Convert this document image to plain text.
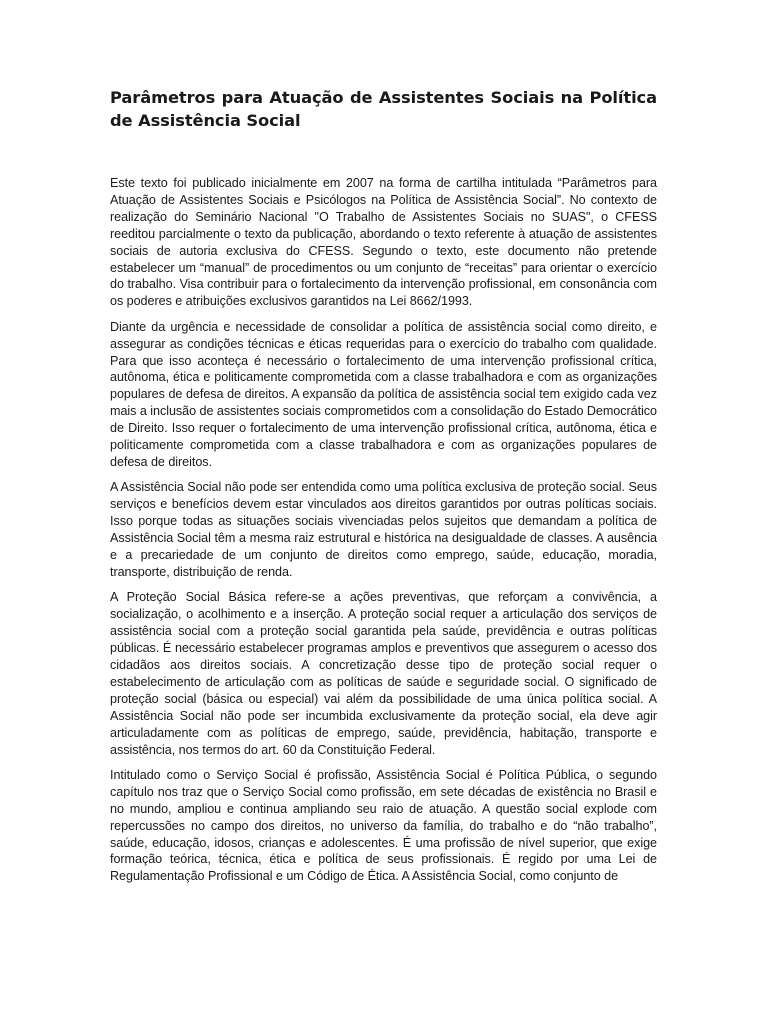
Parâmetros para Atuação de Assistentes Sociais na Política de Assistência Social

Este texto foi publicado inicialmente em 2007 na forma de cartilha intitulada “Parâmetros para Atuação de Assistentes Sociais e Psicólogos na Política de Assistência Social”. No contexto de realização do Seminário Nacional "O Trabalho de Assistentes Sociais no SUAS", o CFESS reeditou parcialmente o texto da publicação, abordando o texto referente à atuação de assistentes sociais de autoria exclusiva do CFESS. Segundo o texto, este documento não pretende estabelecer um “manual” de procedimentos ou um conjunto de “receitas” para orientar o exercício do trabalho. Visa contribuir para o fortalecimento da intervenção profissional, em consonância com os poderes e atribuições exclusivos garantidos na Lei 8662/1993.

Diante da urgência e necessidade de consolidar a política de assistência social como direito, e assegurar as condições técnicas e éticas requeridas para o exercício do trabalho com qualidade. Para que isso aconteça é necessário o fortalecimento de uma intervenção profissional crítica, autônoma, ética e politicamente comprometida com a classe trabalhadora e com as organizações populares de defesa de direitos. A expansão da política de assistência social tem exigido cada vez mais a inclusão de assistentes sociais comprometidos com a consolidação do Estado Democrático de Direito. Isso requer o fortalecimento de uma intervenção profissional crítica, autônoma, ética e politicamente comprometida com a classe trabalhadora e com as organizações populares de defesa de direitos.

A Assistência Social não pode ser entendida como uma política exclusiva de proteção social. Seus serviços e benefícios devem estar vinculados aos direitos garantidos por outras políticas sociais. Isso porque todas as situações sociais vivenciadas pelos sujeitos que demandam a política de Assistência Social têm a mesma raiz estrutural e histórica na desigualdade de classes. A ausência e a precariedade de um conjunto de direitos como emprego, saúde, educação, moradia, transporte, distribuição de renda.

A Proteção Social Básica refere-se a ações preventivas, que reforçam a convivência, a socialização, o acolhimento e a inserção. A proteção social requer a articulação dos serviços de assistência social com a proteção social garantida pela saúde, previdência e outras políticas públicas. É necessário estabelecer programas amplos e preventivos que assegurem o acesso dos cidadãos aos direitos sociais. A concretização desse tipo de proteção social requer o estabelecimento de articulação com as políticas de saúde e seguridade social. O significado de proteção social (básica ou especial) vai além da possibilidade de uma única política social. A Assistência Social não pode ser incumbida exclusivamente da proteção social, ela deve agir articuladamente com as políticas de emprego, saúde, previdência, habitação, transporte e assistência, nos termos do art. 60 da Constituição Federal.

Intitulado como o Serviço Social é profissão, Assistência Social é Política Pública, o segundo capítulo nos traz que o Serviço Social como profissão, em sete décadas de existência no Brasil e no mundo, ampliou e continua ampliando seu raio de atuação. A questão social explode com repercussões no campo dos direitos, no universo da família, do trabalho e do “não trabalho”, saúde, educação, idosos, crianças e adolescentes. É uma profissão de nível superior, que exige formação teórica, técnica, ética e política de seus profissionais. É regido por uma Lei de Regulamentação Profissional e um Código de Ética. A Assistência Social, como conjunto de
